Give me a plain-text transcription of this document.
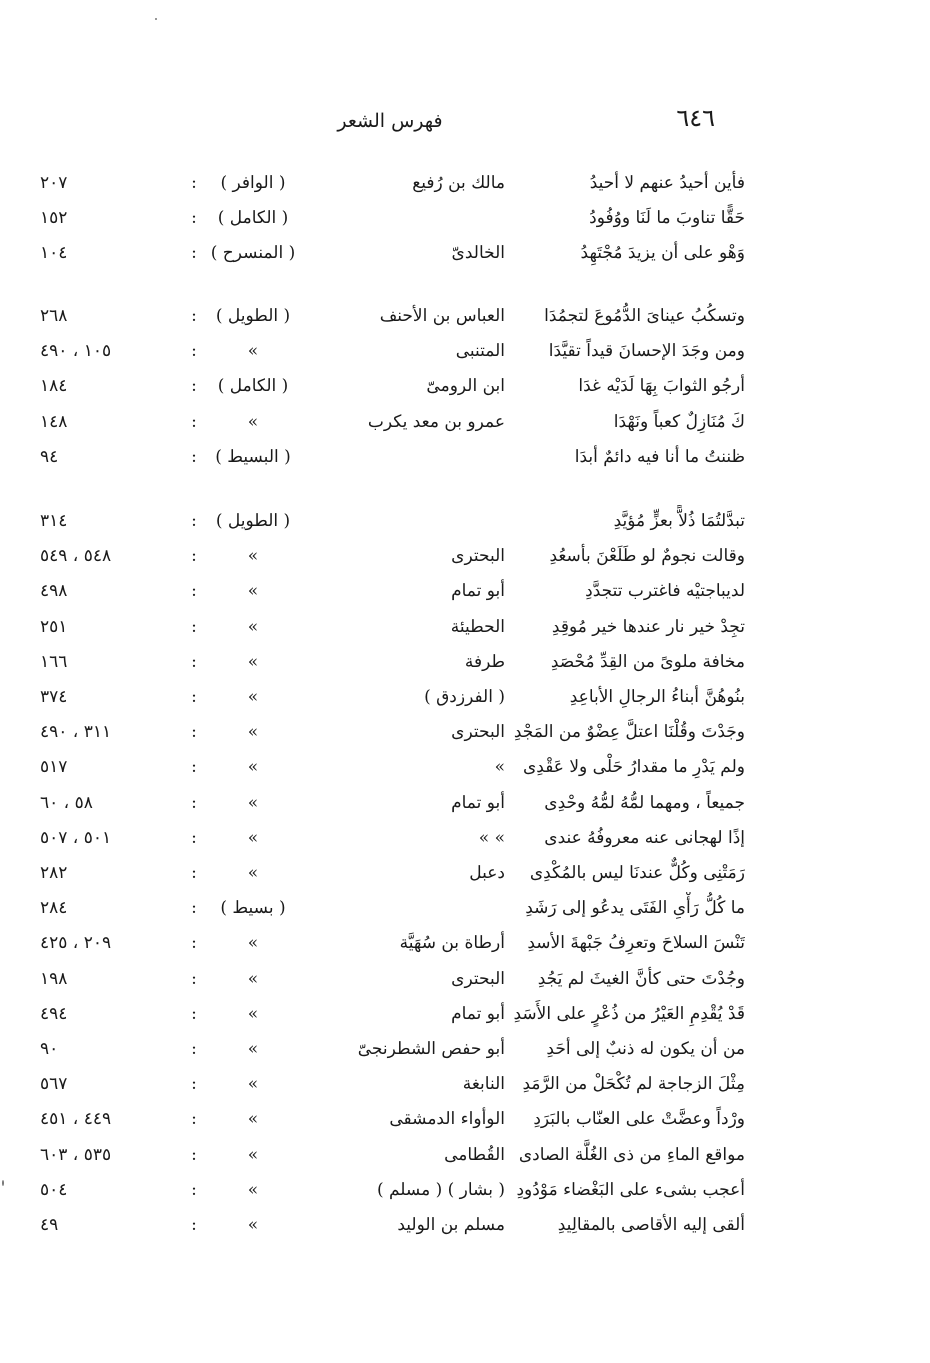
٦٤٦
فهرس الشعر
فأين أحيدُ عنهم لا أحيدُ
مالك بن رُفيع
( الوافر )
:
٢٠٧
حَقًّا تناوبَ ما لَنَا ووُفُودُ
( الكامل )
:
١٥٢
وَهْو على أن يزيدَ مُجْتَهِدُ
الخالدىّ
( المنسرح )
:
١٠٤
وتسكُبُ عيناىَ الدُّمُوعَ لتجمُدَا
العباس بن الأحنف
( الطويل )
:
٢٦٨
ومن وجَدَ الإحسانَ قيداً تقيَّدَا
المتنبى
»
:
١٠٥ ، ٤٩٠
أرجُو الثوابَ بِهَا لَدَيْه غدَا
ابن الرومىّ
( الكامل )
:
١٨٤
كَ مُنَازِلٌ كعباً ونَهْدَا
عمرو بن معد يكرب
»
:
١٤٨
ظننتُ ما أنا فيه دائمٌ أبدَا
( البسيط )
:
٩٤
تبدَّلتُمَا ذُلاًّ بعزٍّ مُؤيَّدِ
( الطويل )
:
٣١٤
وقالت نجومٌ لو طَلَعْنَ بأسعُدِ
البحترى
»
:
٥٤٨ ، ٥٤٩
لديباجتيْه فاغترب تتجدَّدِ
أبو تمام
»
:
٤٩٨
تجِدْ خير نار عندها خير مُوقِدِ
الحطيئة
»
:
٢٥١
مخافة ملوىً من القِدِّ مُحْصَدِ
طرفة
»
:
١٦٦
بنُوهُنَّ أبناءُ الرجالِ الأباعِدِ
( الفرزدق )
»
:
٣٧٤
وجَدْتَ وقُلْنَا اعتلَّ عِضْوٌ من المَجْدِ
البحترى
»
:
٣١١ ، ٤٩٠
ولم يَدْرِ ما مقدارُ حَلْى ولا عَقْدِى
»
»
:
٥١٧
جميعاً ، ومهما لمُّهُ لمُّهُ وحْدِى
أبو تمام
»
:
٥٨ ، ٦٠
إذًا لهجانى عنه معروفُهُ عندى
» »
»
:
٥٠١ ، ٥٠٧
رَمَتْنِى وكُلٌّ عندنَا ليس بالمُكْدِى
دعبل
»
:
٢٨٢
ما كُلُّ رَأْىِ الفَتَى يدعُو إلى رَشَدِ
( بسيط )
:
٢٨٤
تَنْسَ السلاحَ وتعرِفُ جَبْهةَ الأسدِ
أرطاة بن سُهَيَّة
»
:
٢٠٩ ، ٤٢٥
وجُدْتَ حتى كأنَّ الغيثَ لم يَجُدِ
البحترى
»
:
١٩٨
قَدْ يُقْدِمِ العَيْرُ من ذُعْرٍ على الأَسَدِ
أبو تمام
»
:
٤٩٤
من أن يكون له ذنبٌ إلى أحَدِ
أبو حفص الشطرنجىّ
»
:
٩٠
مِثْلَ الزجاجة لم تُكْحَلْ من الرَّمَدِ
النابغة
»
:
٥٦٧
ورْداً وعضَّتْ على العنّاب بالبَرَدِ
الوأواء الدمشقى
»
:
٤٤٩ ، ٤٥١
مواقع الماءِ من ذى الغُلَّة الصادى
القُطامى
»
:
٥٣٥ ، ٦٠٣
أعجب بشىء على البَغْضاء مَوْدُودِ
( بشار ) ( مسلم )
»
:
٥٠٤
ألقى إليه الأقاصى بالمقالِيدِ
مسلم بن الوليد
»
:
٤٩
